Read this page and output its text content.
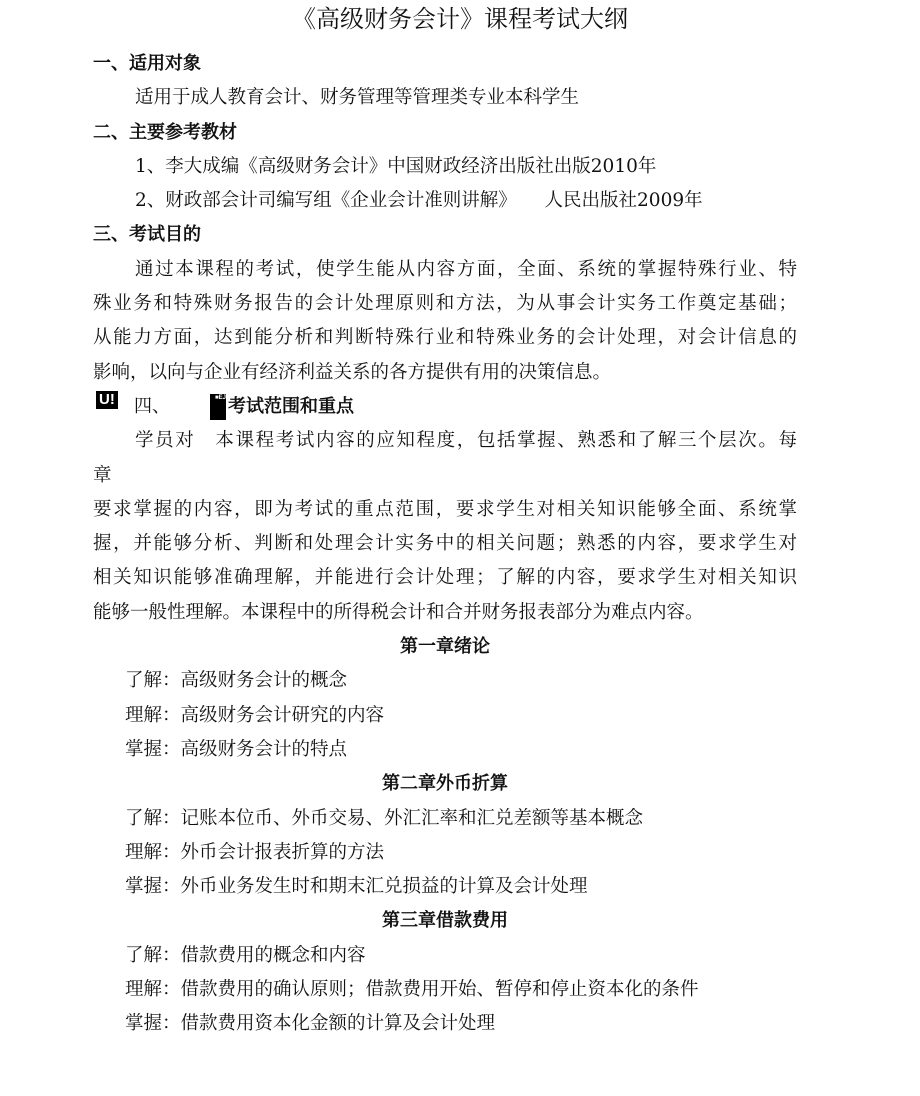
《高级财务会计》课程考试大纲
一、适用对象
适用于成人教育会计、财务管理等管理类专业本科学生
二、主要参考教材
1、李大成编《高级财务会计》中国财政经济出版社出版2010年
2、财政部会计司编写组《企业会计准则讲解》　　人民出版社2009年
三、考试目的
通过本课程的考试，使学生能从内容方面，全面、系统的掌握特殊行业、特
殊业务和特殊财务报告的会计处理原则和方法，为从事会计实务工作奠定基础；
从能力方面，达到能分析和判断特殊行业和特殊业务的会计处理，对会计信息的
影响，以向与企业有经济利益关系的各方提供有用的决策信息。
U! 四、	■EJ 考试范围和重点
学员对　本课程考试内容的应知程度，包括掌握、熟悉和了解三个层次。每
章
要求掌握的内容，即为考试的重点范围，要求学生对相关知识能够全面、系统掌
握，并能够分析、判断和处理会计实务中的相关问题；熟悉的内容，要求学生对
相关知识能够准确理解，并能进行会计处理；了解的内容，要求学生对相关知识
能够一般性理解。本课程中的所得税会计和合并财务报表部分为难点内容。
第一章绪论
了解：高级财务会计的概念
理解：高级财务会计研究的内容
掌握：高级财务会计的特点
第二章外币折算
了解：记账本位币、外币交易、外汇汇率和汇兑差额等基本概念
理解：外币会计报表折算的方法
掌握：外币业务发生时和期末汇兑损益的计算及会计处理
第三章借款费用
了解：借款费用的概念和内容
理解：借款费用的确认原则；借款费用开始、暂停和停止资本化的条件
掌握：借款费用资本化金额的计算及会计处理
